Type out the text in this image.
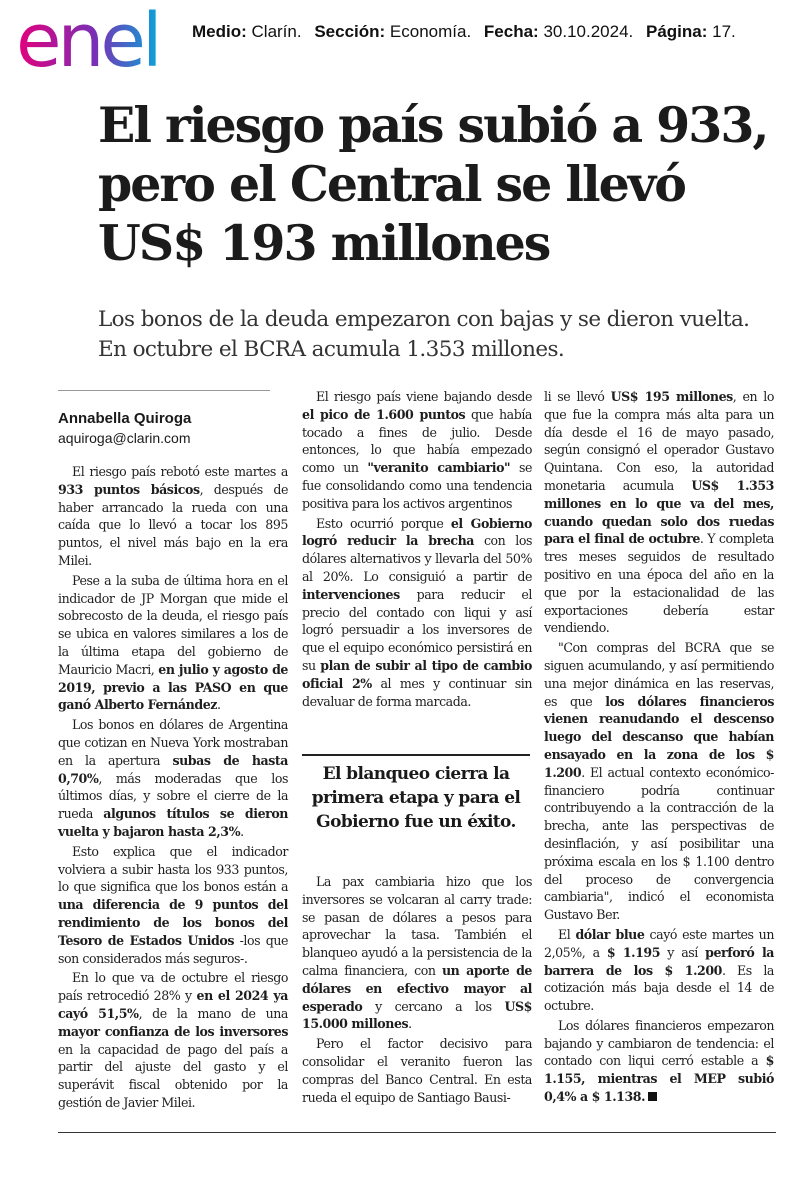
enel Medio: Clarín. Sección: Economía. Fecha: 30.10.2024. Página: 17.
El riesgo país subió a 933, pero el Central se llevó US$ 193 millones
Los bonos de la deuda empezaron con bajas y se dieron vuelta. En octubre el BCRA acumula 1.353 millones.
Annabella Quiroga
aquiroga@clarin.com

El riesgo país rebotó este martes a 933 puntos básicos, después de haber arrancado la rueda con una caída que lo llevó a tocar los 895 puntos, el nivel más bajo en la era Milei.

Pese a la suba de última hora en el indicador de JP Morgan que mide el sobrecosto de la deuda, el riesgo país se ubica en valores similares a los de la última etapa del gobierno de Mauricio Macri, en julio y agosto de 2019, previo a las PASO en que ganó Alberto Fernández.

Los bonos en dólares de Argentina que cotizan en Nueva York mostraban en la apertura subas de hasta 0,70%, más moderadas que los últimos días, y sobre el cierre de la rueda algunos títulos se dieron vuelta y bajaron hasta 2,3%.

Esto explica que el indicador volviera a subir hasta los 933 puntos, lo que significa que los bonos están a una diferencia de 9 puntos del rendimiento de los bonos del Tesoro de Estados Unidos -los que son considerados más seguros-.

En lo que va de octubre el riesgo país retrocedió 28% y en el 2024 ya cayó 51,5%, de la mano de una mayor confianza de los inversores en la capacidad de pago del país a partir del ajuste del gasto y el superávit fiscal obtenido por la gestión de Javier Milei.

El riesgo país viene bajando desde el pico de 1.600 puntos que había tocado a fines de julio. Desde entonces, lo que había empezado como un "veranito cambiario" se fue consolidando como una tendencia positiva para los activos argentinos

Esto ocurrió porque el Gobierno logró reducir la brecha con los dólares alternativos y llevarla del 50% al 20%. Lo consiguió a partir de intervenciones para reducir el precio del contado con liqui y así logró persuadir a los inversores de que el equipo económico persistirá en su plan de subir al tipo de cambio oficial 2% al mes y continuar sin devaluar de forma marcada.

El blanqueo cierra la primera etapa y para el Gobierno fue un éxito.

La pax cambiaria hizo que los inversores se volcaran al carry trade: se pasan de dólares a pesos para aprovechar la tasa. También el blanqueo ayudó a la persistencia de la calma financiera, con un aporte de dólares en efectivo mayor al esperado y cercano a los US$ 15.000 millones.

Pero el factor decisivo para consolidar el veranito fueron las compras del Banco Central. En esta rueda el equipo de Santiago Bausi-

li se llevó US$ 195 millones, en lo que fue la compra más alta para un día desde el 16 de mayo pasado, según consignó el operador Gustavo Quintana. Con eso, la autoridad monetaria acumula US$ 1.353 millones en lo que va del mes, cuando quedan solo dos ruedas para el final de octubre. Y completa tres meses seguidos de resultado positivo en una época del año en la que por la estacionalidad de las exportaciones debería estar vendiendo.

"Con compras del BCRA que se siguen acumulando, y así permitiendo una mejor dinámica en las reservas, es que los dólares financieros vienen reanudando el descenso luego del descanso que habían ensayado en la zona de los $ 1.200. El actual contexto económico-financiero podría continuar contribuyendo a la contracción de la brecha, ante las perspectivas de desinflación, y así posibilitar una próxima escala en los $ 1.100 dentro del proceso de convergencia cambiaria", indicó el economista Gustavo Ber.

El dólar blue cayó este martes un 2,05%, a $ 1.195 y así perforó la barrera de los $ 1.200. Es la cotización más baja desde el 14 de octubre.

Los dólares financieros empezaron bajando y cambiaron de tendencia: el contado con liqui cerró estable a $ 1.155, mientras el MEP subió 0,4% a $ 1.138.
